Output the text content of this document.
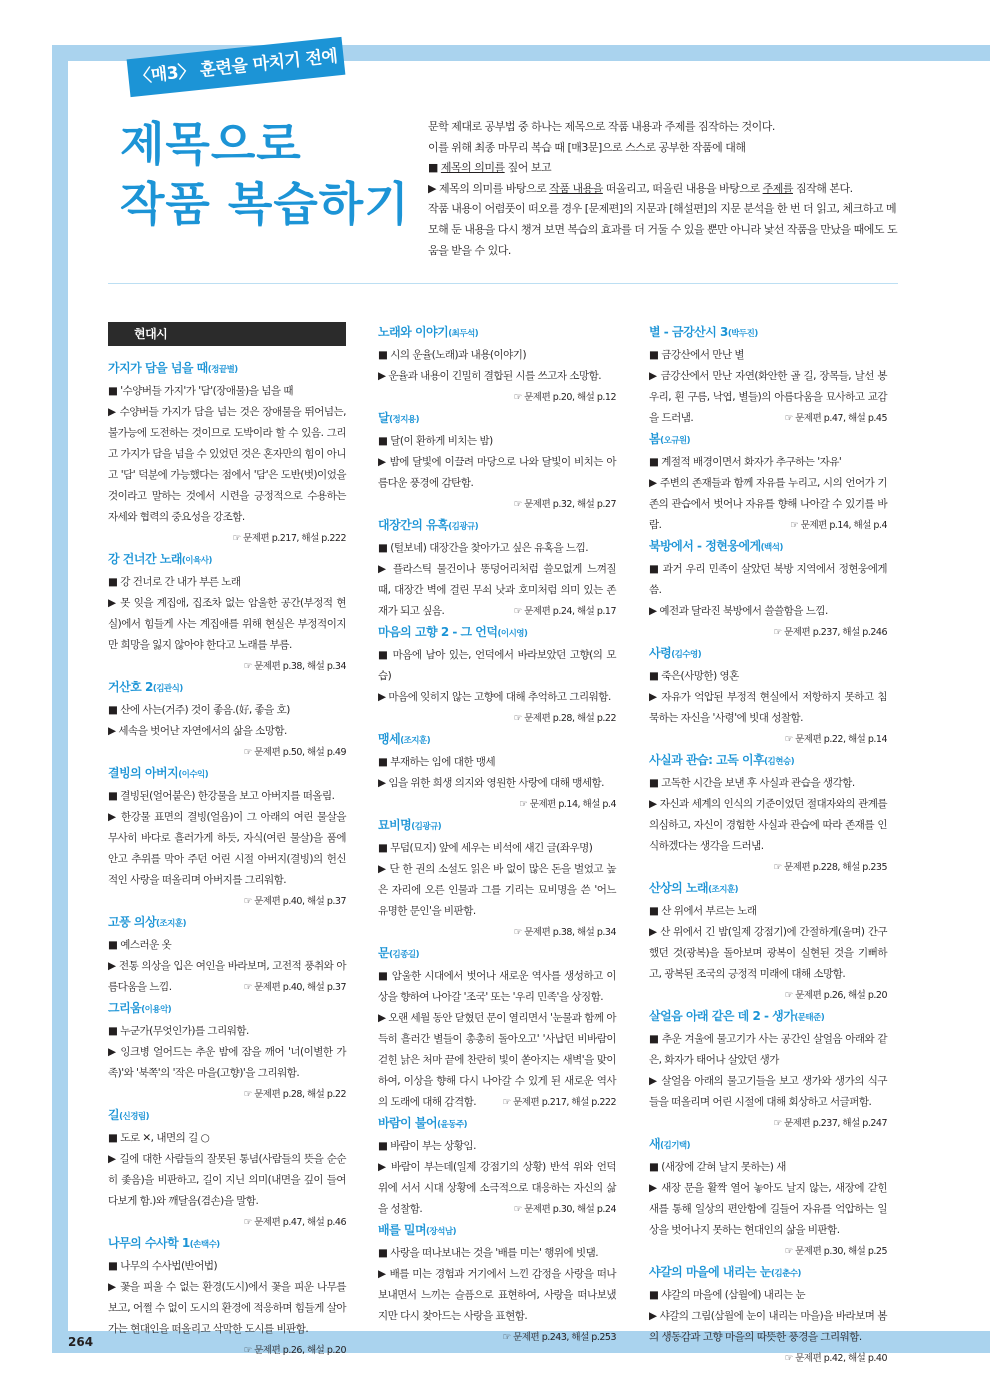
264
〈매3〉 훈련을 마치기 전에
제목으로
작품 복습하기
문학 제대로 공부법 중 하나는 제목으로 작품 내용과 주제를 짐작하는 것이다.
이를 위해 최종 마무리 복습 때 [매3문]으로 스스로 공부한 작품에 대해
■ 제목의 의미를 짚어 보고
▶ 제목의 의미를 바탕으로 작품 내용을 떠올리고, 떠올린 내용을 바탕으로 주제를 짐작해 본다.
작품 내용이 어렴풋이 떠오를 경우 [문제편]의 지문과 [해설편]의 지문 분석을 한 번 더 읽고, 체크하고 메모해 둔 내용을 다시 챙겨 보면 복습의 효과를 더 거둘 수 있을 뿐만 아니라 낯선 작품을 만났을 때에도 도움을 받을 수 있다.
현대시
가지가 담을 넘을 때(정끝별)
■ '수양버들 가지'가 '담'(장애물)을 넘을 때
▶ 수양버들 가지가 담을 넘는 것은 장애물을 뛰어넘는, 불가능에 도전하는 것이므로 도박이라 할 수 있음. 그리고 가지가 담을 넘을 수 있었던 것은 혼자만의 힘이 아니고 '담' 덕분에 가능했다는 점에서 '담'은 도반(벗)이었을 것이라고 말하는 것에서 시련을 긍정적으로 수용하는 자세와 협력의 중요성을 강조함.
☞ 문제편 p.217, 해설 p.222
강 건너간 노래(이육사)
■ 강 건너로 간 내가 부른 노래
▶ 못 잊을 계집애, 집조차 없는 암울한 공간(부정적 현실)에서 힘들게 사는 계집애를 위해 현실은 부정적이지만 희망을 잃지 않아야 한다고 노래를 부름.
☞ 문제편 p.38, 해설 p.34
거산호 2(김관식)
■ 산에 사는(거주) 것이 좋음.(好, 좋을 호)
▶ 세속을 벗어난 자연에서의 삶을 소망함.
☞ 문제편 p.50, 해설 p.49
결빙의 아버지(이수익)
■ 결빙된(얼어붙은) 한강물을 보고 아버지를 떠올림.
▶ 한강물 표면의 결빙(얼음)이 그 아래의 여린 물살을 무사히 바다로 흘러가게 하듯, 자식(여린 물살)을 품에 안고 추위를 막아 주던 어린 시절 아버지(결빙)의 헌신적인 사랑을 떠올리며 아버지를 그리워함.
☞ 문제편 p.40, 해설 p.37
고풍 의상(조지훈)
■ 예스러운 옷
▶ 전통 의상을 입은 여인을 바라보며, 고전적 풍취와 아름다움을 느낌.	☞ 문제편 p.40, 해설 p.37
그리움(이용악)
■ 누군가(무엇인가)를 그리워함.
▶ 잉크병 얼어드는 추운 밤에 잠을 깨어 '너(이별한 가족)'와 '북쪽'의 '작은 마을(고향)'을 그리워함.
☞ 문제편 p.28, 해설 p.22
길(신경림)
■ 도로 ✕, 내면의 길 ○
▶ 길에 대한 사람들의 잘못된 통념(사람들의 뜻을 순순히 좇음)을 비판하고, 길이 지닌 의미(내면을 깊이 들여다보게 함.)와 깨달음(겸손)을 말함.
☞ 문제편 p.47, 해설 p.46
나무의 수사학 1(손택수)
■ 나무의 수사법(반어법)
▶ 꽃을 피울 수 없는 환경(도시)에서 꽃을 피운 나무를 보고, 어쩔 수 없이 도시의 환경에 적응하며 힘들게 살아가는 현대인을 떠올리고 삭막한 도시를 비판함.
☞ 문제편 p.26, 해설 p.20
노래와 이야기(최두석)
■ 시의 운율(노래)과 내용(이야기)
▶ 운율과 내용이 긴밀히 결합된 시를 쓰고자 소망함.
☞ 문제편 p.20, 해설 p.12
달(정지용)
■ 달(이 환하게 비치는 밤)
▶ 밤에 달빛에 이끌려 마당으로 나와 달빛이 비치는 아름다운 풍경에 감탄함.
☞ 문제편 p.32, 해설 p.27
대장간의 유혹(김광규)
■ (털보네) 대장간을 찾아가고 싶은 유혹을 느낌.
▶ 플라스틱 물건이나 똥덩어리처럼 쓸모없게 느껴질 때, 대장간 벽에 걸린 무쇠 낫과 호미처럼 의미 있는 존재가 되고 싶음.	☞ 문제편 p.24, 해설 p.17
마음의 고향 2 - 그 언덕(이시영)
■ 마음에 남아 있는, 언덕에서 바라보았던 고향(의 모습)
▶ 마음에 잊히지 않는 고향에 대해 추억하고 그리워함.
☞ 문제편 p.28, 해설 p.22
맹세(조지훈)
■ 부재하는 임에 대한 맹세
▶ 임을 위한 희생 의지와 영원한 사랑에 대해 맹세함.
☞ 문제편 p.14, 해설 p.4
묘비명(김광규)
■ 무덤(묘지) 앞에 세우는 비석에 새긴 글(좌우명)
▶ 단 한 권의 소설도 읽은 바 없이 많은 돈을 벌었고 높은 자리에 오른 인물과 그를 기리는 묘비명을 쓴 '어느 유명한 문인'을 비판함.
☞ 문제편 p.38, 해설 p.34
문(김종길)
■ 암울한 시대에서 벗어나 새로운 역사를 생성하고 이상을 향하여 나아갈 '조국' 또는 '우리 민족'을 상징함.
▶ 오랜 세월 동안 닫혔던 문이 열리면서 '눈물과 함께 아득히 흘러간 별들이 총총히 돌아오고' '사납던 비바람이 걷힌 낡은 처마 끝에 찬란히 빛이 쏟아지는 새벽'을 맞이하여, 이상을 향해 다시 나아갈 수 있게 된 새로운 역사의 도래에 대해 감격함.	☞ 문제편 p.217, 해설 p.222
바람이 불어(윤동주)
■ 바람이 부는 상황임.
▶ 바람이 부는데(일제 강점기의 상황) 반석 위와 언덕 위에 서서 시대 상황에 소극적으로 대응하는 자신의 삶을 성찰함.	☞ 문제편 p.30, 해설 p.24
배를 밀며(장석남)
■ 사랑을 떠나보내는 것을 '배를 미는' 행위에 빗댐.
▶ 배를 미는 경험과 거기에서 느낀 감정을 사랑을 떠나보내면서 느끼는 슬픔으로 표현하여, 사랑을 떠나보냈지만 다시 찾아드는 사랑을 표현함.
☞ 문제편 p.243, 해설 p.253
별 - 금강산시 3(박두진)
■ 금강산에서 만난 별
▶ 금강산에서 만난 자연(화안한 골 길, 장목들, 날선 봉우리, 흰 구름, 낙엽, 별들)의 아름다움을 묘사하고 교감을 드러냄.	☞ 문제편 p.47, 해설 p.45
봄(오규원)
■ 계절적 배경이면서 화자가 추구하는 '자유'
▶ 주변의 존재들과 함께 자유를 누리고, 시의 언어가 기존의 관습에서 벗어나 자유를 향해 나아갈 수 있기를 바람.	☞ 문제편 p.14, 해설 p.4
북방에서 - 정현웅에게(백석)
■ 과거 우리 민족이 살았던 북방 지역에서 정현웅에게 씀.
▶ 예전과 달라진 북방에서 쓸쓸함을 느낌.
☞ 문제편 p.237, 해설 p.246
사령(김수영)
■ 죽은(사망한) 영혼
▶ 자유가 억압된 부정적 현실에서 저항하지 못하고 침묵하는 자신을 '사령'에 빗대 성찰함.
☞ 문제편 p.22, 해설 p.14
사실과 관습: 고독 이후(김현승)
■ 고독한 시간을 보낸 후 사실과 관습을 생각함.
▶ 자신과 세계의 인식의 기준이었던 절대자와의 관계를 의심하고, 자신이 경험한 사실과 관습에 따라 존재를 인식하겠다는 생각을 드러냄.
☞ 문제편 p.228, 해설 p.235
산상의 노래(조지훈)
■ 산 위에서 부르는 노래
▶ 산 위에서 긴 밤(일제 강점기)에 간절하게(울며) 간구했던 것(광복)을 돌아보며 광복이 실현된 것을 기뻐하고, 광복된 조국의 긍정적 미래에 대해 소망함.
☞ 문제편 p.26, 해설 p.20
살얼음 아래 같은 데 2 - 생가(문태준)
■ 추운 겨울에 물고기가 사는 공간인 살얼음 아래와 같은, 화자가 태어나 살았던 생가
▶ 살얼음 아래의 물고기들을 보고 생가와 생가의 식구들을 떠올리며 어린 시절에 대해 회상하고 서글퍼함.
☞ 문제편 p.237, 해설 p.247
새(김기택)
■ (새장에 갇혀 날지 못하는) 새
▶ 새장 문을 활짝 열어 놓아도 날지 않는, 새장에 갇힌 새를 통해 일상의 편안함에 길들어 자유를 억압하는 일상을 벗어나지 못하는 현대인의 삶을 비판함.
☞ 문제편 p.30, 해설 p.25
샤갈의 마을에 내리는 눈(김춘수)
■ 샤갈의 마을에 (삼월에) 내리는 눈
▶ 샤갈의 그림(삼월에 눈이 내리는 마을)을 바라보며 봄의 생동감과 고향 마을의 따뜻한 풍경을 그리워함.
☞ 문제편 p.42, 해설 p.40
